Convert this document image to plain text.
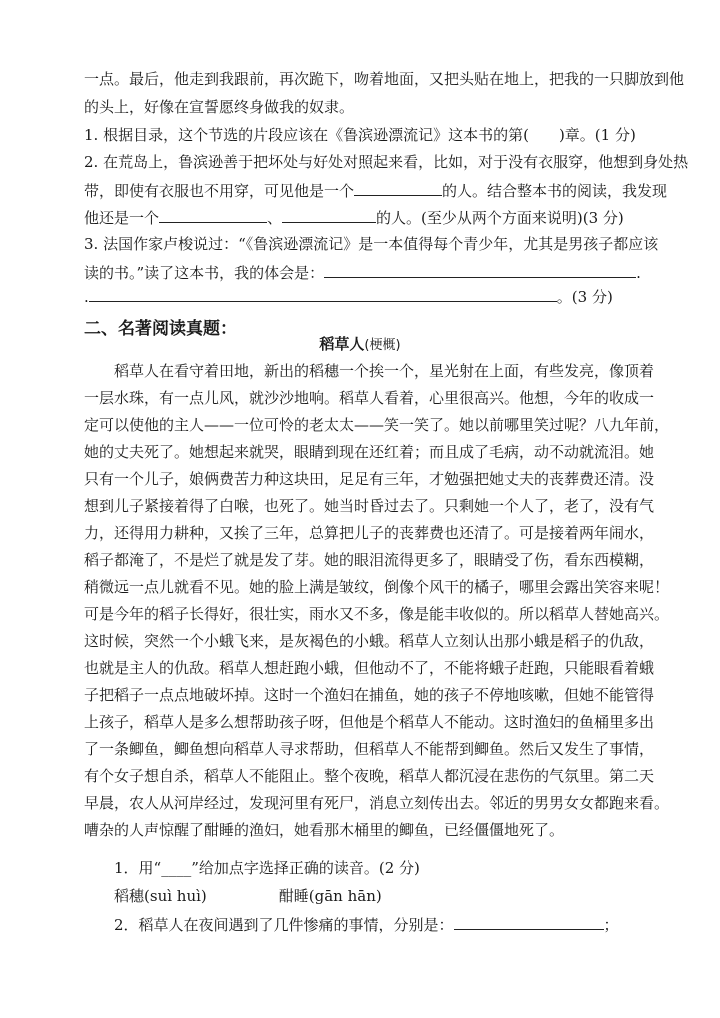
一点。最后，他走到我跟前，再次跪下，吻着地面，又把头贴在地上，把我的一只脚放到他
的头上，好像在宣誓愿终身做我的奴隶。
1. 根据目录，这个节选的片段应该在《鲁滨逊漂流记》这本书的第( )章。(1 分)
2. 在荒岛上，鲁滨逊善于把坏处与好处对照起来看，比如，对于没有衣服穿，他想到身处热
带，即使有衣服也不用穿，可见他是一个	的人。结合整本书的阅读，我发现
他还是一个	、	的人。(至少从两个方面来说明)(3 分)
3. 法国作家卢梭说过：“《鲁滨逊漂流记》是一本值得每个青少年，尤其是男孩子都应该
读的书。”读了这本书，我的体会是：	.
.	。(3 分)
二、名著阅读真题：
稻草人(梗概)
稻草人在看守着田地，新出的稻穗一个挨一个，星光射在上面，有些发亮，像顶着
一层水珠，有一点儿风，就沙沙地响。稻草人看着，心里很高兴。他想，今年的收成一
定可以使他的主人——一位可怜的老太太——笑一笑了。她以前哪里笑过呢？八九年前，
她的丈夫死了。她想起来就哭，眼睛到现在还红着；而且成了毛病，动不动就流泪。她
只有一个儿子，娘俩费苦力种这块田，足足有三年，才勉强把她丈夫的丧葬费还清。没
想到儿子紧接着得了白喉，也死了。她当时昏过去了。只剩她一个人了，老了，没有气
力，还得用力耕种，又挨了三年，总算把儿子的丧葬费也还清了。可是接着两年闹水，
稻子都淹了，不是烂了就是发了芽。她的眼泪流得更多了，眼睛受了伤，看东西模糊，
稍微远一点儿就看不见。她的脸上满是皱纹，倒像个风干的橘子，哪里会露出笑容来呢！
可是今年的稻子长得好，很壮实，雨水又不多，像是能丰收似的。所以稻草人替她高兴。
这时候，突然一个小蛾飞来，是灰褐色的小蛾。稻草人立刻认出那小蛾是稻子的仇敌，
也就是主人的仇敌。稻草人想赶跑小蛾，但他动不了，不能将蛾子赶跑，只能眼看着蛾
子把稻子一点点地破坏掉。这时一个渔妇在捕鱼，她的孩子不停地咳嗽，但她不能管得
上孩子，稻草人是多么想帮助孩子呀，但他是个稻草人不能动。这时渔妇的鱼桶里多出
了一条鲫鱼，鲫鱼想向稻草人寻求帮助，但稻草人不能帮到鲫鱼。然后又发生了事情，
有个女子想自杀，稻草人不能阻止。整个夜晚，稻草人都沉浸在悲伤的气氛里。第二天
早晨，农人从河岸经过，发现河里有死尸，消息立刻传出去。邻近的男男女女都跑来看。
嘈杂的人声惊醒了酣睡的渔妇，她看那木桶里的鲫鱼，已经僵僵地死了。
1．用“____”给加点字选择正确的读音。(2 分)
稻穗(suì huì)	酣睡(gān hān)
2．稻草人在夜间遇到了几件惨痛的事情，分别是：	；
